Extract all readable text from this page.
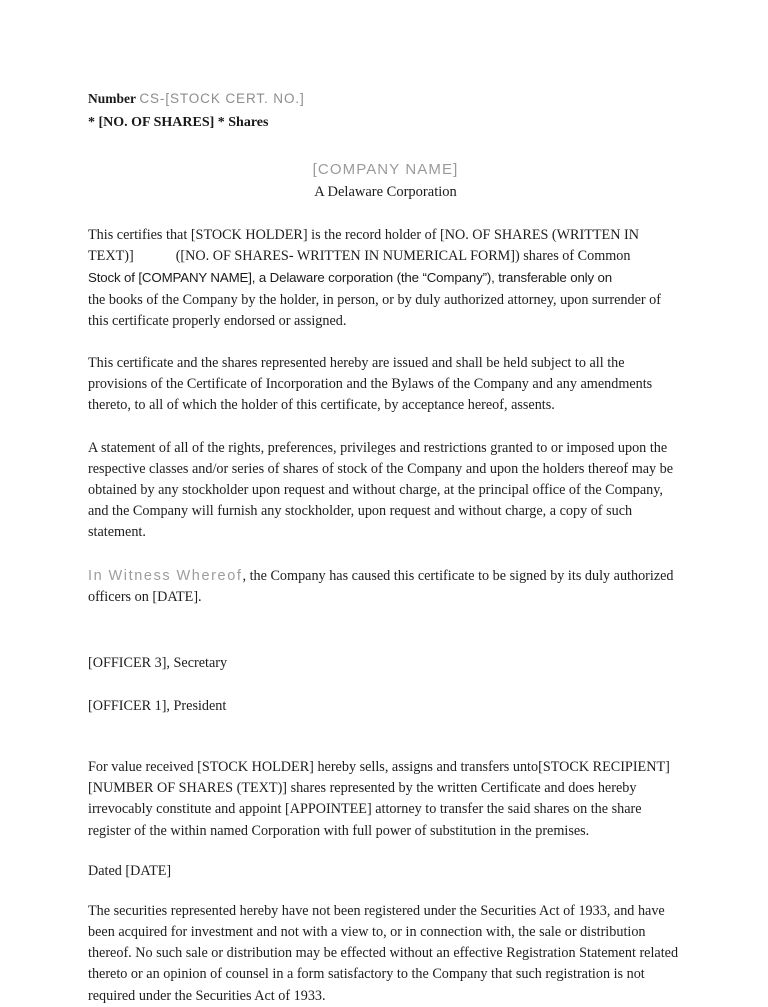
Number CS-[STOCK CERT. NO.]
* [NO. OF SHARES] * Shares
[COMPANY NAME]
A Delaware Corporation

This certifies that [STOCK HOLDER] is the record holder of [NO. OF SHARES (WRITTEN IN TEXT)]	([NO. OF SHARES- WRITTEN IN NUMERICAL FORM]) shares of Common
Stock of [COMPANY NAME], a Delaware corporation (the “Company”), transferable only on
the books of the Company by the holder, in person, or by duly authorized attorney, upon surrender of this certificate properly endorsed or assigned.

This certificate and the shares represented hereby are issued and shall be held subject to all the provisions of the Certificate of Incorporation and the Bylaws of the Company and any amendments thereto, to all of which the holder of this certificate, by acceptance hereof, assents.

A statement of all of the rights, preferences, privileges and restrictions granted to or imposed upon the respective classes and/or series of shares of stock of the Company and upon the holders thereof may be obtained by any stockholder upon request and without charge, at the principal office of the Company, and the Company will furnish any stockholder, upon request and without charge, a copy of such statement.

In Witness Whereof, the Company has caused this certificate to be signed by its duly authorized officers on [DATE].

[OFFICER 3], Secretary
[OFFICER 1], President

For value received [STOCK HOLDER] hereby sells, assigns and transfers unto[STOCK RECIPIENT] [NUMBER OF SHARES (TEXT)] shares represented by the written Certificate and does hereby irrevocably constitute and appoint [APPOINTEE] attorney to transfer the said shares on the share register of the within named Corporation with full power of substitution in the premises.

Dated [DATE]

The securities represented hereby have not been registered under the Securities Act of 1933, and have been acquired for investment and not with a view to, or in connection with, the sale or distribution thereof. No such sale or distribution may be effected without an effective Registration Statement related thereto or an opinion of counsel in a form satisfactory to the Company that such registration is not required under the Securities Act of 1933.
